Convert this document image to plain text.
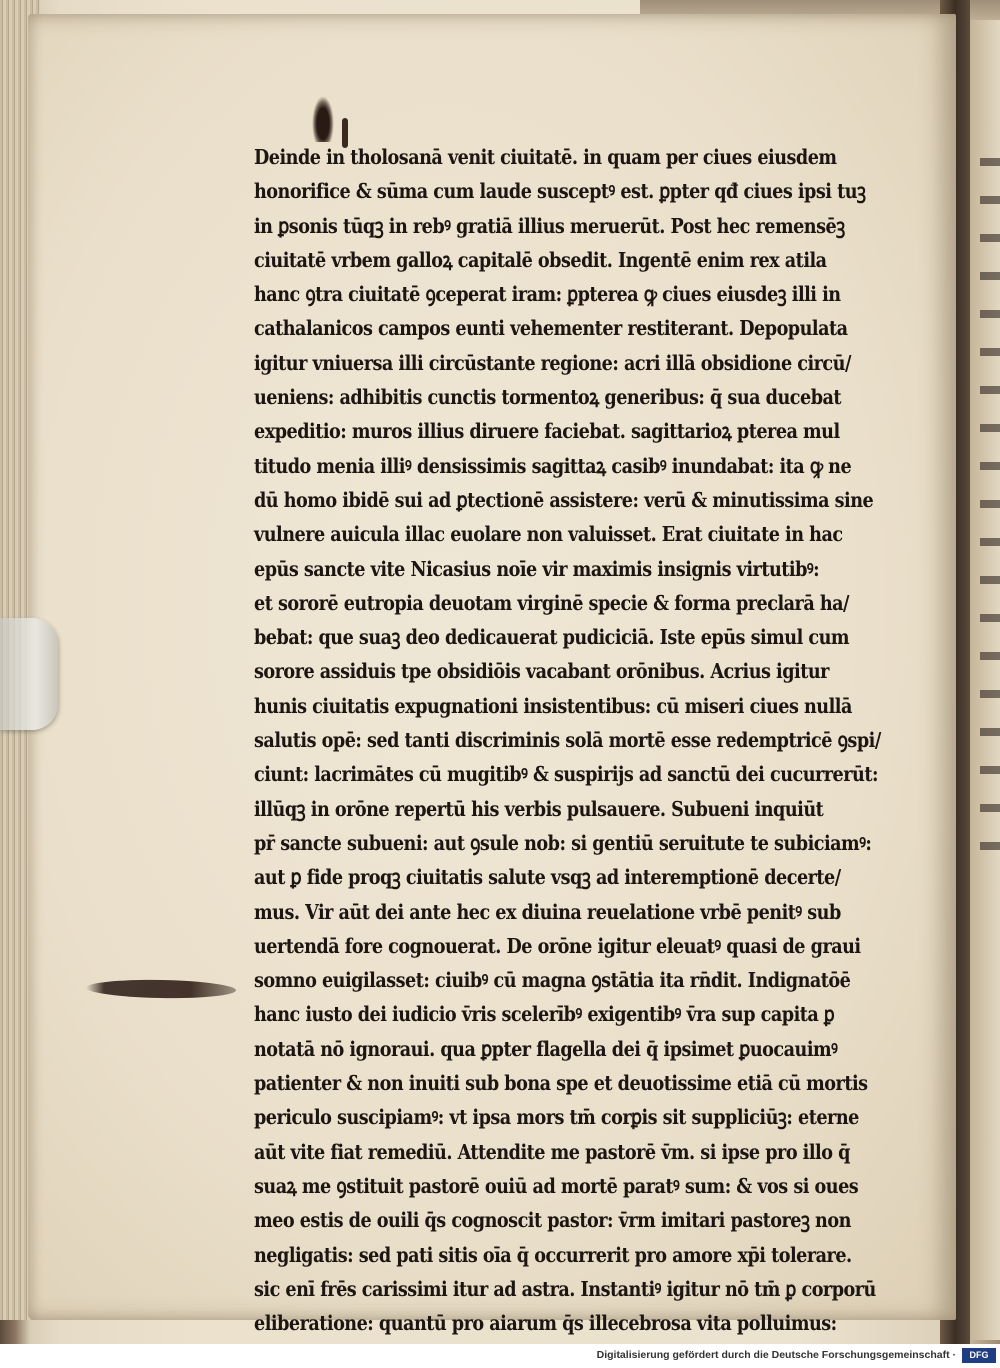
Deinde in tholosanā venit ciuitatē. in quam per ciues eiusdem

honorifice & sūma cum laude susceptꝰ est. ꝑpter qđ ciues ipsi tuꝫ

in ꝑsonis tūqꝫ in rebꝰ gratiā illius meruerūt. Post hec remensēꝫ

ciuitatē vrbem galloꝝ capitalē obsedit. Ingentē enim rex atila

hanc ꝯtra ciuitatē ꝯceperat iram: ꝑpterea ꝙ ciues eiusdeꝫ illi in

cathalanicos campos eunti vehementer restiterant. Depopulata

igitur vniuersa illi circūstante regione: acri illā obsidione circū/

ueniens: adhibitis cunctis tormentoꝝ generibus: q̄ sua ducebat

expeditio: muros illius diruere faciebat. sagittarioꝝ pterea mul

titudo menia illiꝰ densissimis sagittaꝝ casibꝰ inundabat: ita ꝙ ne

dū homo ibidē sui ad ꝑtectionē assistere: verū & minutissima sine

vulnere auicula illac euolare non valuisset. Erat ciuitate in hac

epūs sancte vite Nicasius noīe vir maximis insignis virtutibꝰ:

et sororē eutropia deuotam virginē specie & forma preclarā ha/

bebat: que suaꝫ deo dedicauerat pudiciciā. Iste epūs simul cum

sorore assiduis tpe obsidiōis vacabant orōnibus. Acrius igitur

hunis ciuitatis expugnationi insistentibus: cū miseri ciues nullā

salutis opē: sed tanti discriminis solā mortē esse redemptricē ꝯspi/

ciunt: lacrimātes cū mugitibꝰ & suspirijs ad sanctū dei cucurrerūt:

illūqꝫ in orōne repertū his verbis pulsauere. Subueni inquiūt

pr̄ sancte subueni: aut ꝯsule nob: si gentiū seruitute te subiciamꝰ:

aut ꝑ fide proqꝫ ciuitatis salute vsqꝫ ad interemptionē decerte/

mus. Vir aūt dei ante hec ex diuina reuelatione vrbē penitꝰ sub

uertendā fore cognouerat. De orōne igitur eleuatꝰ quasi de graui

somno euigilasset: ciuibꝰ cū magna ꝯstātia ita rn̄dit. Indignatōē

hanc iusto dei iudicio v̄ris scelerībꝰ exigentibꝰ v̄ra sup capita ꝑ

notatā nō ignoraui. qua ꝑpter flagella dei q̄ ipsimet ꝑuocauimꝰ

patienter & non inuiti sub bona spe et deuotissime etiā cū mortis

periculo suscipiamꝰ: vt ipsa mors tm̄ corꝑis sit suppliciūꝫ: eterne

aūt vite fiat remediū. Attendite me pastorē v̄m. si ipse pro illo q̄

suaꝝ me ꝯstituit pastorē ouiū ad mortē paratꝰ sum: & vos si oues

meo estis de ouili q̄s cognoscit pastor: v̄rm imitari pastoreꝫ non

negligatis: sed pati sitis oīa q̄ occurrerit pro amore xp̄i tolerare.

sic enī frēs carissimi itur ad astra. Instantiꝰ igitur nō tm̄ ꝑ corporū

eliberatione: quantū pro aiarum q̄s illecebrosa vita polluimus:

Digitalisierung gefördert durch die Deutsche Forschungsgemeinschaft ·	DFG
